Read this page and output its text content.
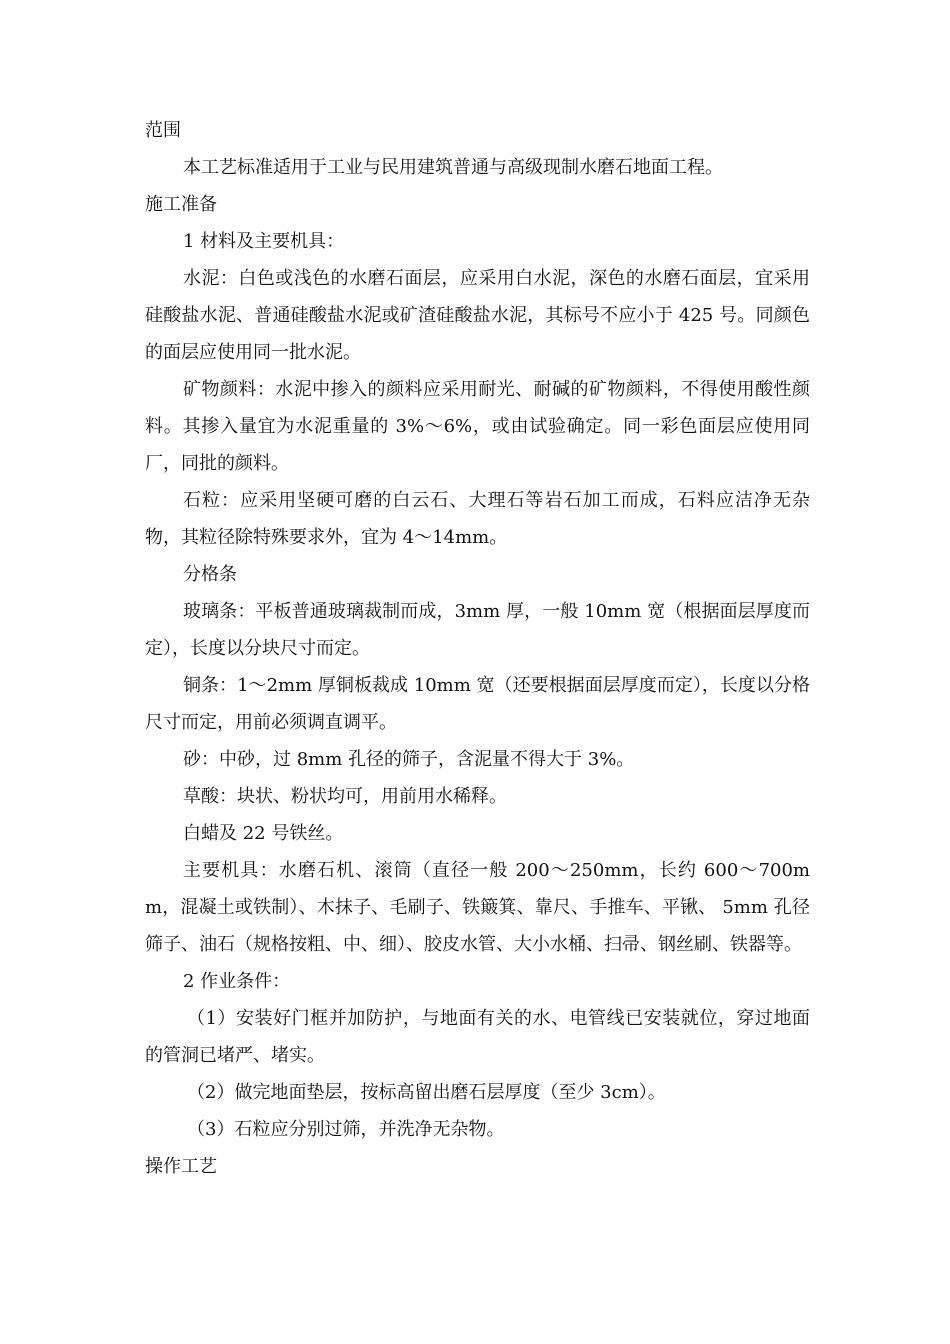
范围

本工艺标准适用于工业与民用建筑普通与高级现制水磨石地面工程。

施工准备

1 材料及主要机具：

水泥：白色或浅色的水磨石面层，应采用白水泥，深色的水磨石面层，宜采用硅酸盐水泥、普通硅酸盐水泥或矿渣硅酸盐水泥，其标号不应小于 425 号。同颜色的面层应使用同一批水泥。

矿物颜料：水泥中掺入的颜料应采用耐光、耐碱的矿物颜料，不得使用酸性颜料。其掺入量宜为水泥重量的 3%～6%，或由试验确定。同一彩色面层应使用同厂，同批的颜料。

石粒：应采用坚硬可磨的白云石、大理石等岩石加工而成，石料应洁净无杂物，其粒径除特殊要求外，宜为 4～14mm。

分格条

玻璃条：平板普通玻璃裁制而成，3mm 厚，一般 10mm 宽（根据面层厚度而定），长度以分块尺寸而定。

铜条：1～2mm 厚铜板裁成 10mm 宽（还要根据面层厚度而定），长度以分格尺寸而定，用前必须调直调平。

砂：中砂，过 8mm 孔径的筛子，含泥量不得大于 3%。

草酸：块状、粉状均可，用前用水稀释。

白蜡及 22 号铁丝。

主要机具：水磨石机、滚筒（直径一般 200～250mm，长约 600～700mm，混凝土或铁制）、木抹子、毛刷子、铁簸箕、靠尺、手推车、平锹、 5mm 孔径筛子、油石（规格按粗、中、细）、胶皮水管、大小水桶、扫帚、钢丝刷、铁器等。

2 作业条件：

（1）安装好门框并加防护，与地面有关的水、电管线已安装就位，穿过地面的管洞已堵严、堵实。

（2）做完地面垫层，按标高留出磨石层厚度（至少 3cm）。

（3）石粒应分别过筛，并洗净无杂物。

操作工艺
